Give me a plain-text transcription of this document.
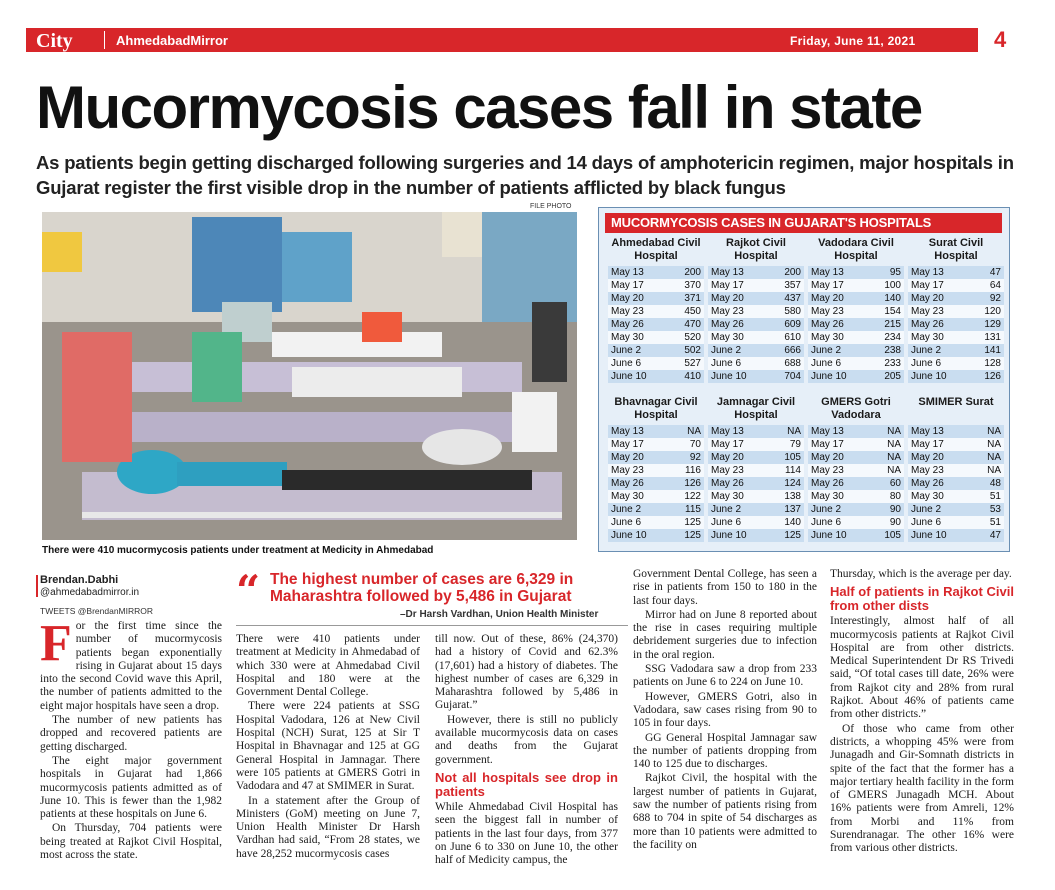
City	AhmedabadMirror	Friday, June 11, 2021	4
Mucormycosis cases fall in state
As patients begin getting discharged following surgeries and 14 days of amphotericin regimen, major hospitals in Gujarat register the first visible drop in the number of patients afflicted by black fungus
FILE PHOTO
There were 410 mucormycosis patients under treatment at Medicity in Ahmedabad
MUCORMYCOSIS CASES IN GUJARAT'S HOSPITALS
Ahmedabad Civil Hospital
May 13	200
May 17	370
May 20	371
May 23	450
May 26	470
May 30	520
June 2	502
June 6	527
June 10	410
Rajkot Civil Hospital
May 13	200
May 17	357
May 20	437
May 23	580
May 26	609
May 30	610
June 2	666
June 6	688
June 10	704
Vadodara Civil Hospital
May 13	95
May 17	100
May 20	140
May 23	154
May 26	215
May 30	234
June 2	238
June 6	233
June 10	205
Surat Civil Hospital
May 13	47
May 17	64
May 20	92
May 23	120
May 26	129
May 30	131
June 2	141
June 6	128
June 10	126
Bhavnagar Civil Hospital
May 13	NA
May 17	70
May 20	92
May 23	116
May 26	126
May 30	122
June 2	115
June 6	125
June 10	125
Jamnagar Civil Hospital
May 13	NA
May 17	79
May 20	105
May 23	114
May 26	124
May 30	138
June 2	137
June 6	140
June 10	125
GMERS Gotri Vadodara
May 13	NA
May 17	NA
May 20	NA
May 23	NA
May 26	60
May 30	80
June 2	90
June 6	90
June 10	105
SMIMER Surat
May 13	NA
May 17	NA
May 20	NA
May 23	NA
May 26	48
May 30	51
June 2	53
June 6	51
June 10	47
Brendan.Dabhi
@ahmedabadmirror.in
TWEETS @BrendanMIRROR “ The highest number of cases are 6,329 in Maharashtra followed by 5,486 in Gujarat
–Dr Harsh Vardhan, Union Health Minister
F or the first time since the number of mucormycosis patients began exponentially rising in Gujarat about 15 days into the second Covid wave this April, the number of patients admitted to the eight major hospitals have seen a drop.

The number of new patients has dropped and recovered patients are getting discharged.

The eight major government hospitals in Gujarat had 1,866 mucormycosis patients admitted as of June 10. This is fewer than the 1,982 patients at these hospitals on June 6.

On Thursday, 704 patients were being treated at Rajkot Civil Hospital, most across the state.

There were 410 patients under treatment at Medicity in Ahmedabad of which 330 were at Ahmedabad Civil Hospital and 180 were at the Government Dental College.

There were 224 patients at SSG Hospital Vadodara, 126 at New Civil Hospital (NCH) Surat, 125 at Sir T Hospital in Bhavnagar and 125 at GG General Hospital in Jamnagar. There were 105 patients at GMERS Gotri in Vadodara and 47 at SMIMER in Surat.

In a statement after the Group of Ministers (GoM) meeting on June 7, Union Health Minister Dr Harsh Vardhan had said, “From 28 states, we have 28,252 mucormycosis cases

till now. Out of these, 86% (24,370) had a history of Covid and 62.3% (17,601) had a history of diabetes. The highest number of cases are 6,329 in Maharashtra followed by 5,486 in Gujarat.”

However, there is still no publicly available mucormycosis data on cases and deaths from the Gujarat government.

Not all hospitals see drop in patients

While Ahmedabad Civil Hospital has seen the biggest fall in number of patients in the last four days, from 377 on June 6 to 330 on June 10, the other half of Medicity campus, the

Government Dental College, has seen a rise in patients from 150 to 180 in the last four days.

Mirror had on June 8 reported about the rise in cases requiring multiple debridement surgeries due to infection in the oral region.

SSG Vadodara saw a drop from 233 patients on June 6 to 224 on June 10.

However, GMERS Gotri, also in Vadodara, saw cases rising from 90 to 105 in four days.

GG General Hospital Jamnagar saw the number of patients dropping from 140 to 125 due to discharges.

Rajkot Civil, the hospital with the largest number of patients in Gujarat, saw the number of patients rising from 688 to 704 in spite of 54 discharges as more than 10 patients were admitted to the facility on

Thursday, which is the average per day.

Half of patients in Rajkot Civil from other dists

Interestingly, almost half of all mucormycosis patients at Rajkot Civil Hospital are from other districts. Medical Superintendent Dr RS Trivedi said, “Of total cases till date, 26% were from Rajkot city and 28% from rural Rajkot. About 46% of patients came from other districts.”

Of those who came from other districts, a whopping 45% were from Junagadh and Gir-Somnath districts in spite of the fact that the former has a major tertiary health facility in the form of GMERS Junagadh MCH. About 16% patients were from Amreli, 12% from Morbi and 11% from Surendranagar. The other 16% were from various other districts.
